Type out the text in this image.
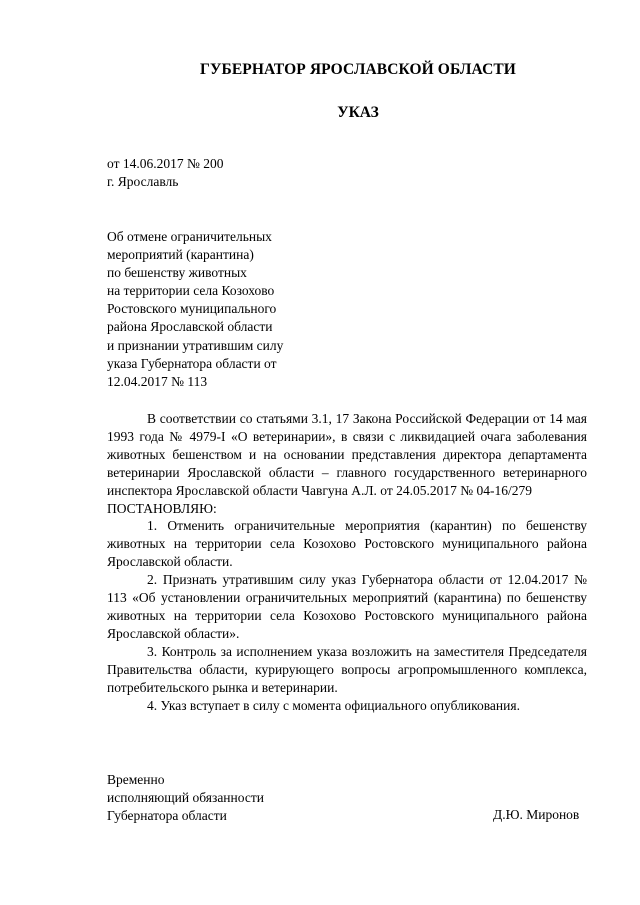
ГУБЕРНАТОР ЯРОСЛАВСКОЙ ОБЛАСТИ
УКАЗ
от 14.06.2017 № 200
г. Ярославль
Об отмене ограничительных
мероприятий (карантина)
по бешенству животных
на территории села Козохово
Ростовского муниципального
района Ярославской области
и признании утратившим силу
указа Губернатора области от
12.04.2017 № 113

В соответствии со статьями 3.1, 17 Закона Российской Федерации от 14 мая 1993 года № 4979-I «О ветеринарии», в связи с ликвидацией очага заболевания животных бешенством и на основании представления директора департамента ветеринарии Ярославской области – главного государственного ветеринарного инспектора Ярославской области Чавгуна А.Л. от 24.05.2017 № 04-16/279

ПОСТАНОВЛЯЮ:

1. Отменить ограничительные мероприятия (карантин) по бешенству животных на территории села Козохово Ростовского муниципального района Ярославской области.

2. Признать утратившим силу указ Губернатора области от 12.04.2017 № 113 «Об установлении ограничительных мероприятий (карантина) по бешенству животных на территории села Козохово Ростовского муниципального района Ярославской области».

3. Контроль за исполнением указа возложить на заместителя Председателя Правительства области, курирующего вопросы агропромышленного комплекса, потребительского рынка и ветеринарии.

4. Указ вступает в силу с момента официального опубликования.

Временно
исполняющий обязанности
Губернатора области	Д.Ю. Миронов
